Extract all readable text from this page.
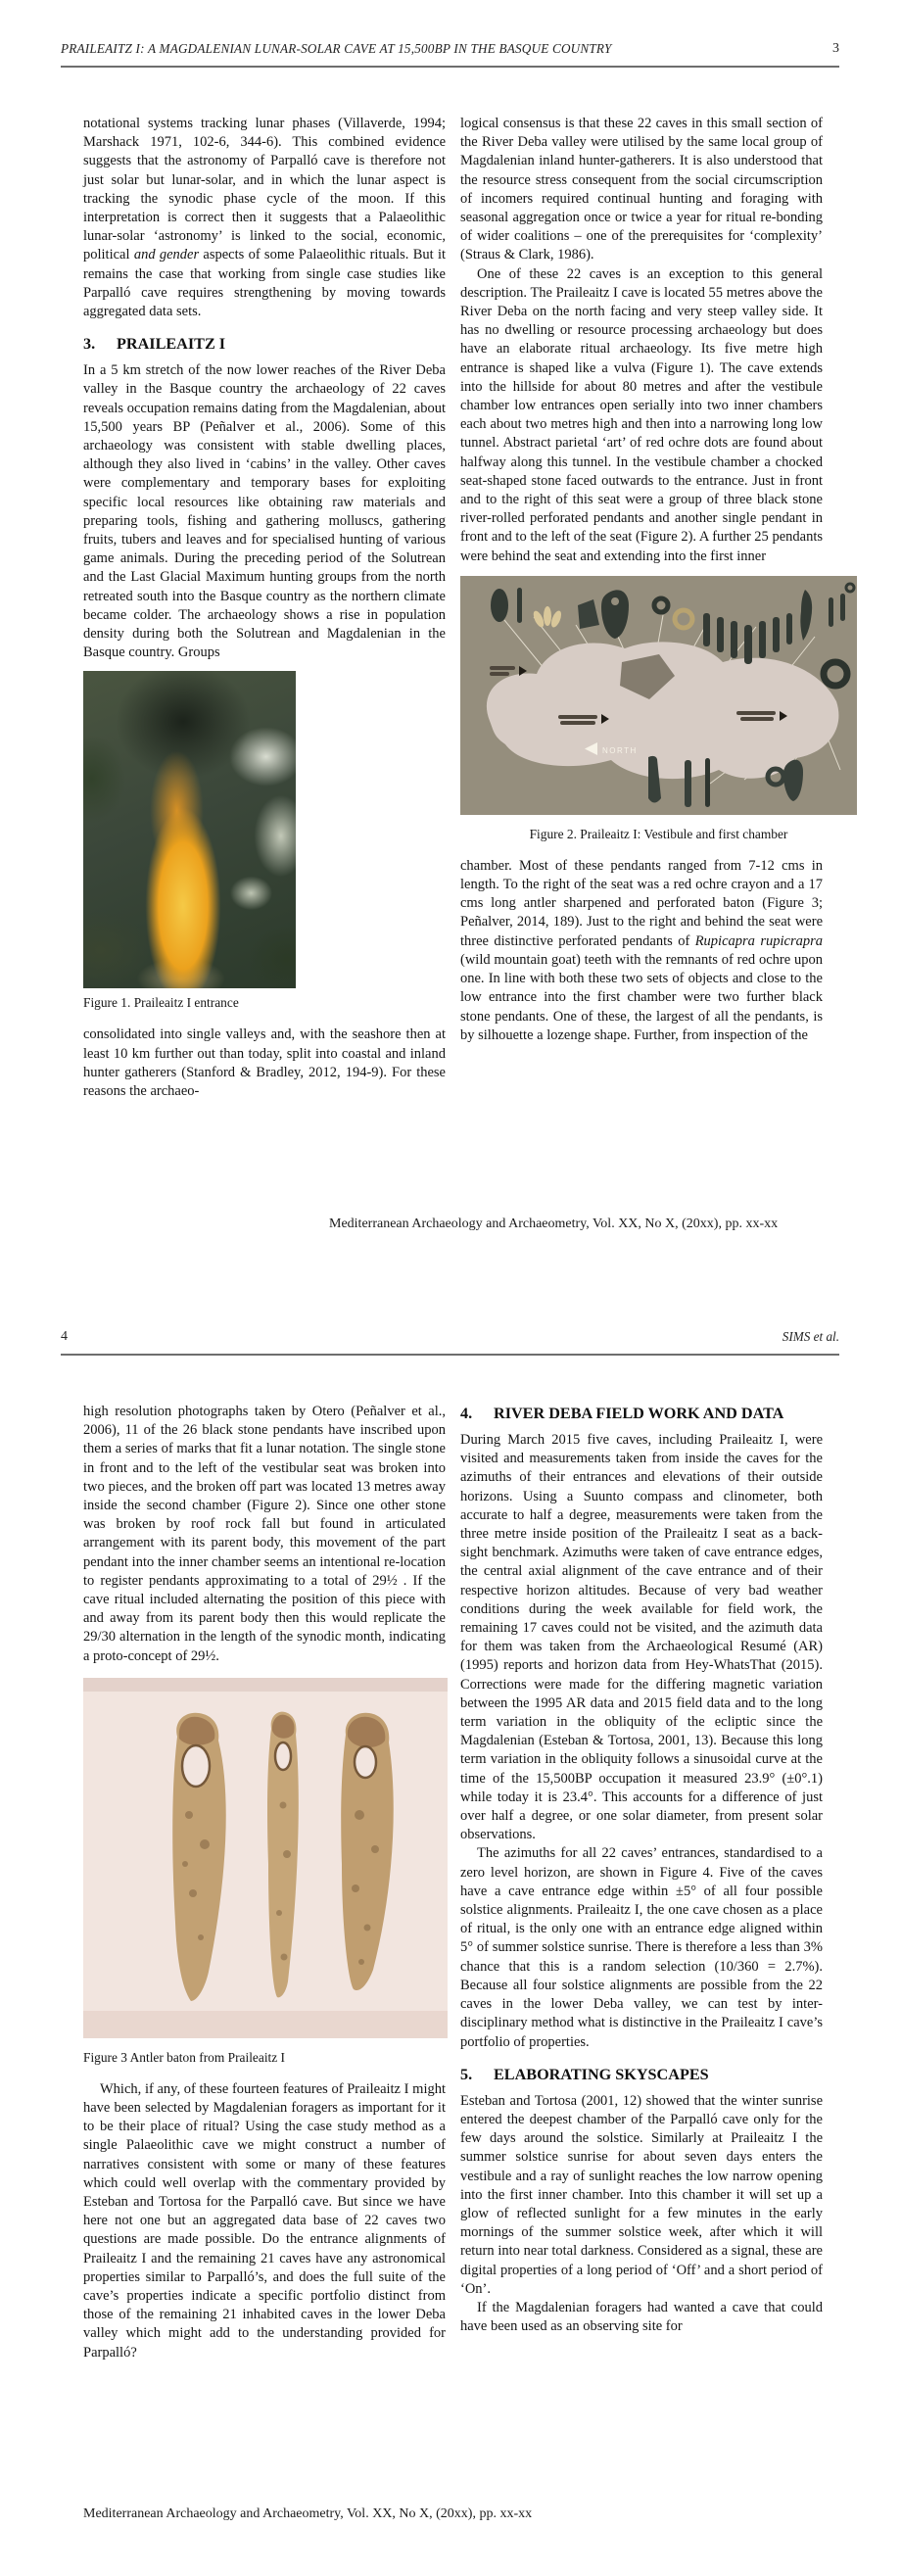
PRAILEAITZ I: A MAGDALENIAN LUNAR-SOLAR CAVE AT 15,500BP IN THE BASQUE COUNTRY	3

notational systems tracking lunar phases (Villaverde, 1994; Marshack 1971, 102-6, 344-6). This combined evidence suggests that the astronomy of Parpalló cave is therefore not just solar but lunar-solar, and in which the lunar aspect is tracking the synodic phase cycle of the moon. If this interpretation is correct then it suggests that a Palaeolithic lunar-solar ‘astronomy’ is linked to the social, economic, political and gender aspects of some Palaeolithic rituals. But it remains the case that working from single case studies like Parpalló cave requires strengthening by moving towards aggregated data sets.

3. PRAILEAITZ I

In a 5 km stretch of the now lower reaches of the River Deba valley in the Basque country the archaeology of 22 caves reveals occupation remains dating from the Magdalenian, about 15,500 years BP (Peñalver et al., 2006). Some of this archaeology was consistent with stable dwelling places, although they also lived in ‘cabins’ in the valley. Other caves were complementary and temporary bases for exploiting specific local resources like obtaining raw materials and preparing tools, fishing and gathering molluscs, gathering fruits, tubers and leaves and for specialised hunting of various game animals. During the preceding period of the Solutrean and the Last Glacial Maximum hunting groups from the north retreated south into the Basque country as the northern climate became colder. The archaeology shows a rise in population density during both the Solutrean and Magdalenian in the Basque country. Groups

Figure 1. Praileaitz I entrance

consolidated into single valleys and, with the seashore then at least 10 km further out than today, split into coastal and inland hunter gatherers (Stanford & Bradley, 2012, 194-9). For these reasons the archaeo-

logical consensus is that these 22 caves in this small section of the River Deba valley were utilised by the same local group of Magdalenian inland hunter-gatherers. It is also understood that the resource stress consequent from the social circumscription of incomers required continual hunting and foraging with seasonal aggregation once or twice a year for ritual re-bonding of wider coalitions – one of the prerequisites for ‘complexity’ (Straus & Clark, 1986).

One of these 22 caves is an exception to this general description. The Praileaitz I cave is located 55 metres above the River Deba on the north facing and very steep valley side. It has no dwelling or resource processing archaeology but does have an elaborate ritual archaeology. Its five metre high entrance is shaped like a vulva (Figure 1). The cave extends into the hillside for about 80 metres and after the vestibule chamber low entrances open serially into two inner chambers each about two metres high and then into a narrowing long low tunnel. Abstract parietal ‘art’ of red ochre dots are found about halfway along this tunnel. In the vestibule chamber a chocked seat-shaped stone faced outwards to the entrance. Just in front and to the right of this seat were a group of three black stone river-rolled perforated pendants and another single pendant in front and to the left of the seat (Figure 2). A further 25 pendants were behind the seat and extending into the first inner

NORTH
Figure 2. Praileaitz I: Vestibule and first chamber

chamber. Most of these pendants ranged from 7-12 cms in length. To the right of the seat was a red ochre crayon and a 17 cms long antler sharpened and perforated baton (Figure 3; Peñalver, 2014, 189). Just to the right and behind the seat were three distinctive perforated pendants of Rupicapra rupicrapra (wild mountain goat) teeth with the remnants of red ochre upon one. In line with both these two sets of objects and close to the low entrance into the first chamber were two further black stone pendants. One of these, the largest of all the pendants, is by silhouette a lozenge shape. Further, from inspection of the

Mediterranean Archaeology and Archaeometry, Vol. XX, No X, (20xx), pp. xx-xx
4	SIMS et al.

high resolution photographs taken by Otero (Peñalver et al., 2006), 11 of the 26 black stone pendants have inscribed upon them a series of marks that fit a lunar notation. The single stone in front and to the left of the vestibular seat was broken into two pieces, and the broken off part was located 13 metres away inside the second chamber (Figure 2). Since one other stone was broken by roof rock fall but found in articulated arrangement with its parent body, this movement of the part pendant into the inner chamber seems an intentional re-location to register pendants approximating to a total of 29½ . If the cave ritual included alternating the position of this piece with and away from its parent body then this would replicate the 29/30 alternation in the length of the synodic month, indicating a proto-concept of 29½.

Figure 3 Antler baton from Praileaitz I

Which, if any, of these fourteen features of Praileaitz I might have been selected by Magdalenian foragers as important for it to be their place of ritual? Using the case study method as a single Palaeolithic cave we might construct a number of narratives consistent with some or many of these features which could well overlap with the commentary provided by Esteban and Tortosa for the Parpalló cave. But since we have here not one but an aggregated data base of 22 caves two questions are made possible. Do the entrance alignments of Praileaitz I and the remaining 21 caves have any astronomical properties similar to Parpalló’s, and does the full suite of the cave’s properties indicate a specific portfolio distinct from those of the remaining 21 inhabited caves in the lower Deba valley which might add to the understanding provided for Parpalló?

4. RIVER DEBA FIELD WORK AND DATA

During March 2015 five caves, including Praileaitz I, were visited and measurements taken from inside the caves for the azimuths of their entrances and elevations of their outside horizons. Using a Suunto compass and clinometer, both accurate to half a degree, measurements were taken from the three metre inside position of the Praileaitz I seat as a back-sight benchmark. Azimuths were taken of cave entrance edges, the central axial alignment of the cave entrance and of their respective horizon altitudes. Because of very bad weather conditions during the week available for field work, the remaining 17 caves could not be visited, and the azimuth data for them was taken from the Archaeological Resumé (AR) (1995) reports and horizon data from Hey-WhatsThat (2015). Corrections were made for the differing magnetic variation between the 1995 AR data and 2015 field data and to the long term variation in the obliquity of the ecliptic since the Magdalenian (Esteban & Tortosa, 2001, 13). Because this long term variation in the obliquity follows a sinusoidal curve at the time of the 15,500BP occupation it measured 23.9° (±0°.1) while today it is 23.4°. This accounts for a difference of just over half a degree, or one solar diameter, from present solar observations.

The azimuths for all 22 caves’ entrances, standardised to a zero level horizon, are shown in Figure 4. Five of the caves have a cave entrance edge within ±5° of all four possible solstice alignments. Praileaitz I, the one cave chosen as a place of ritual, is the only one with an entrance edge aligned within 5° of summer solstice sunrise. There is therefore a less than 3% chance that this is a random selection (10/360 = 2.7%). Because all four solstice alignments are possible from the 22 caves in the lower Deba valley, we can test by inter-disciplinary method what is distinctive in the Praileaitz I cave’s portfolio of properties.

5. ELABORATING SKYSCAPES

Esteban and Tortosa (2001, 12) showed that the winter sunrise entered the deepest chamber of the Parpalló cave only for the few days around the solstice. Similarly at Praileaitz I the summer solstice sunrise for about seven days enters the vestibule and a ray of sunlight reaches the low narrow opening into the first inner chamber. Into this chamber it will set up a glow of reflected sunlight for a few minutes in the early mornings of the summer solstice week, after which it will return into near total darkness. Considered as a signal, these are digital properties of a long period of ‘Off’ and a short period of ‘On’.

If the Magdalenian foragers had wanted a cave that could have been used as an observing site for

Mediterranean Archaeology and Archaeometry, Vol. XX, No X, (20xx), pp. xx-xx
